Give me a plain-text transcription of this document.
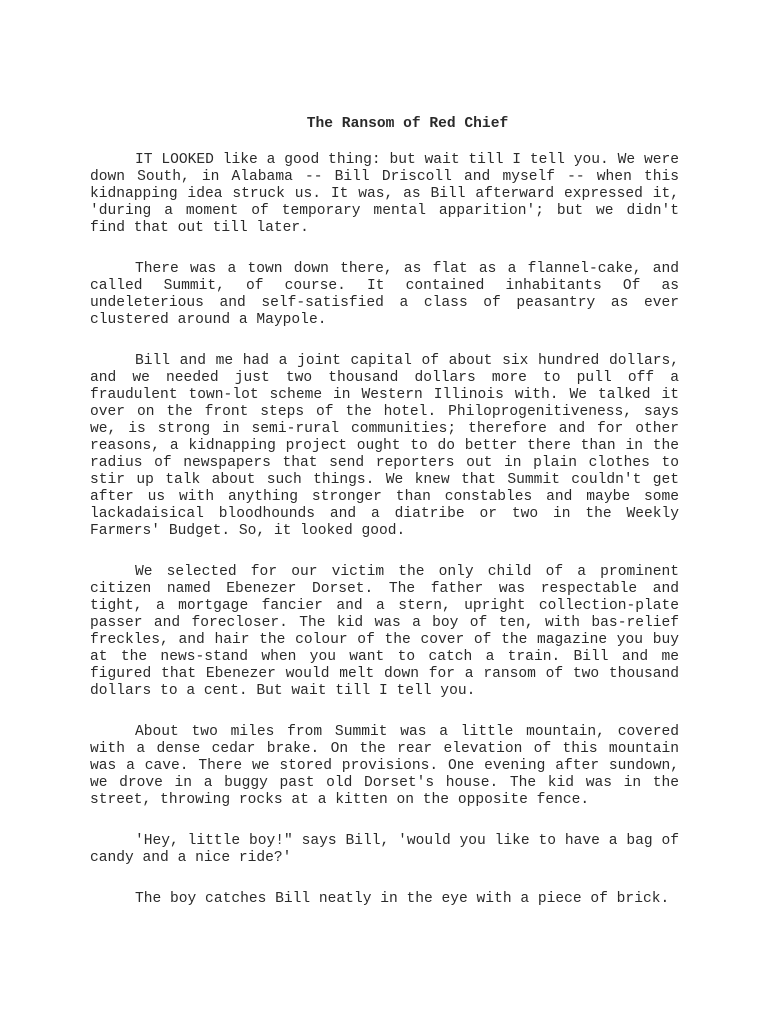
The Ransom of Red Chief

IT LOOKED like a good thing: but wait till I tell you. We were down South, in Alabama -- Bill Driscoll and myself -- when this kidnapping idea struck us. It was, as Bill afterward expressed it, 'during a moment of temporary mental apparition'; but we didn't find that out till later.

There was a town down there, as flat as a flannel-cake, and called Summit, of course. It contained inhabitants Of as undeleterious and self-satisfied a class of peasantry as ever clustered around a Maypole.

Bill and me had a joint capital of about six hundred dollars, and we needed just two thousand dollars more to pull off a fraudulent town-lot scheme in Western Illinois with. We talked it over on the front steps of the hotel. Philoprogenitiveness, says we, is strong in semi-rural communities; therefore and for other reasons, a kidnapping project ought to do better there than in the radius of newspapers that send reporters out in plain clothes to stir up talk about such things. We knew that Summit couldn't get after us with anything stronger than constables and maybe some lackadaisical bloodhounds and a diatribe or two in the Weekly Farmers' Budget. So, it looked good.

We selected for our victim the only child of a prominent citizen named Ebenezer Dorset. The father was respectable and tight, a mortgage fancier and a stern, upright collection-plate passer and forecloser. The kid was a boy of ten, with bas-relief freckles, and hair the colour of the cover of the magazine you buy at the news-stand when you want to catch a train. Bill and me figured that Ebenezer would melt down for a ransom of two thousand dollars to a cent. But wait till I tell you.

About two miles from Summit was a little mountain, covered with a dense cedar brake. On the rear elevation of this mountain was a cave. There we stored provisions. One evening after sundown, we drove in a buggy past old Dorset's house. The kid was in the street, throwing rocks at a kitten on the opposite fence.

'Hey, little boy!" says Bill, 'would you like to have a bag of candy and a nice ride?'

The boy catches Bill neatly in the eye with a piece of brick.
